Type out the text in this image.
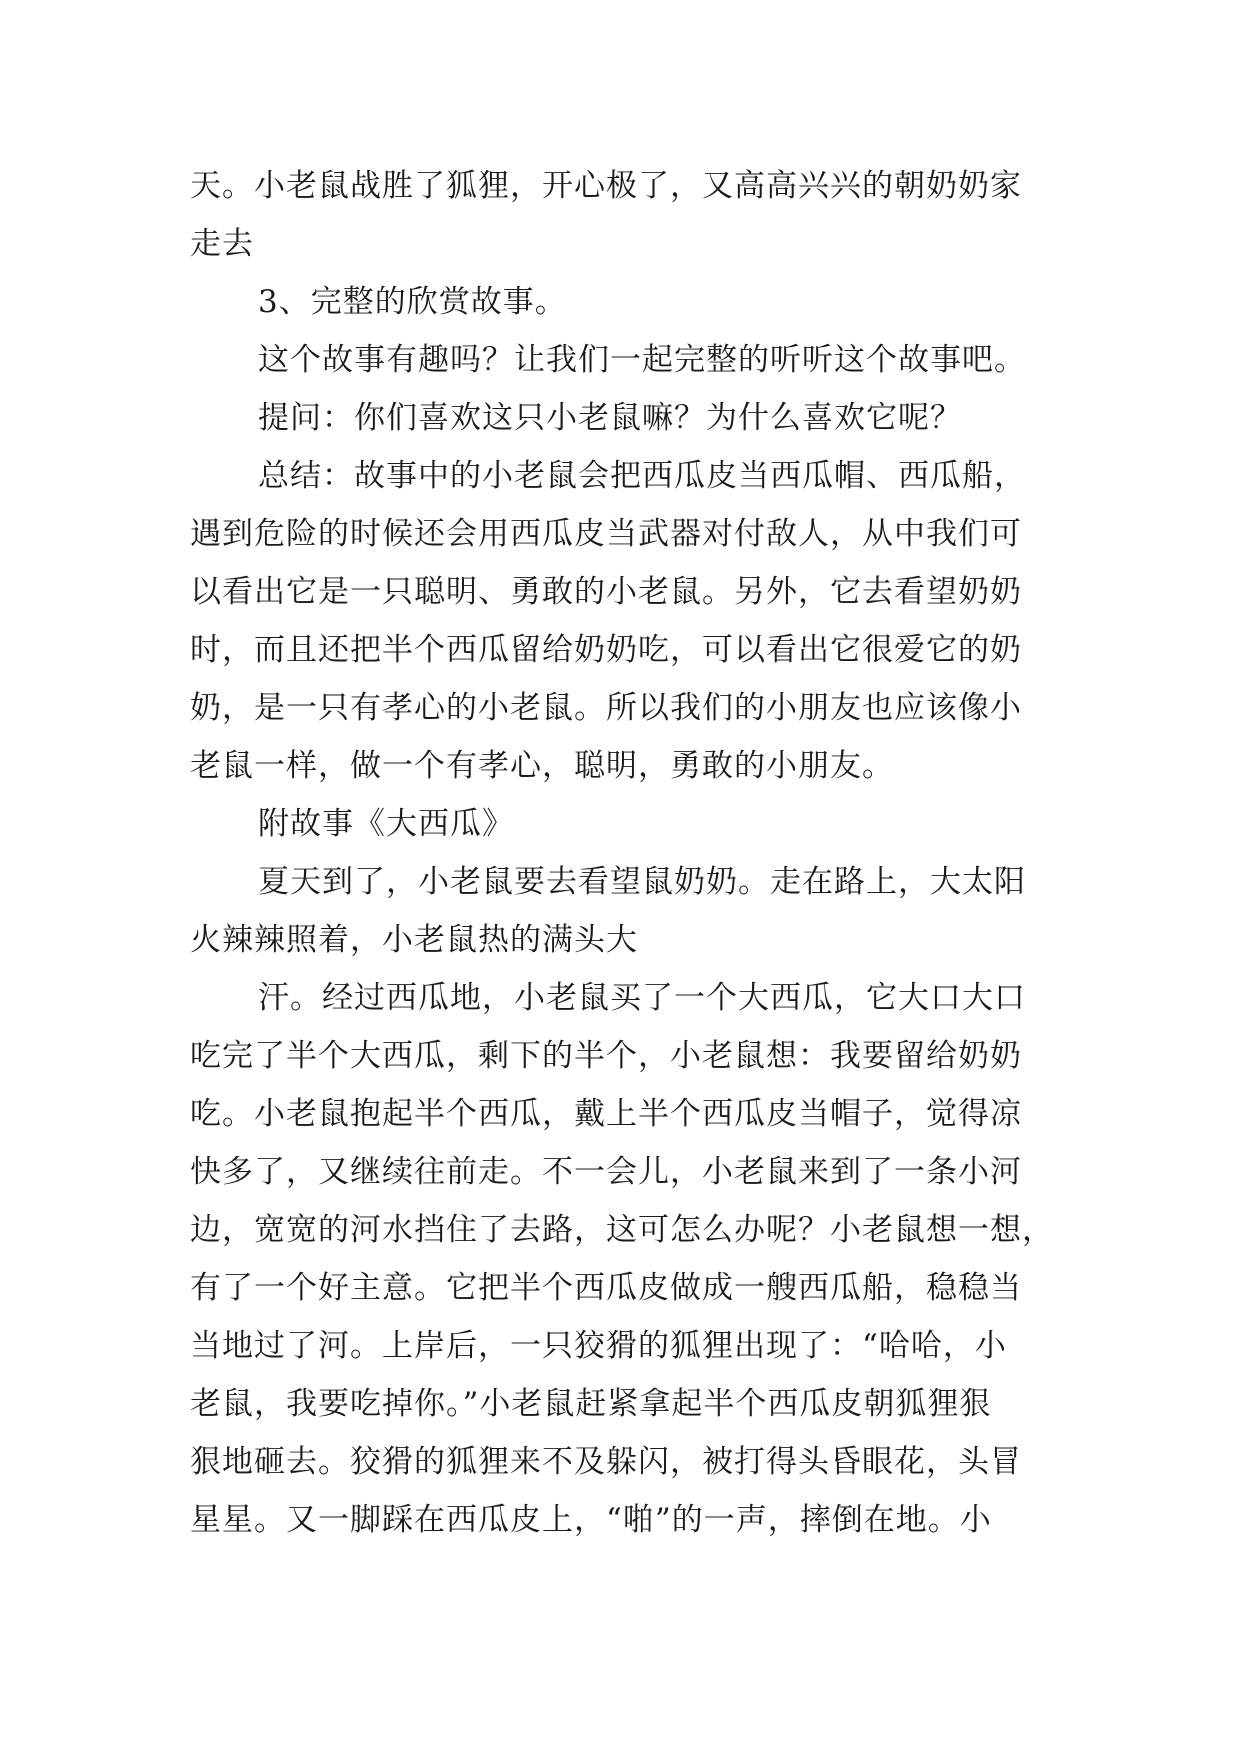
天。小老鼠战胜了狐狸，开心极了，又高高兴兴的朝奶奶家
走去
3、完整的欣赏故事。
这个故事有趣吗？让我们一起完整的听听这个故事吧。
提问：你们喜欢这只小老鼠嘛？为什么喜欢它呢？
总结：故事中的小老鼠会把西瓜皮当西瓜帽、西瓜船，
遇到危险的时候还会用西瓜皮当武器对付敌人，从中我们可
以看出它是一只聪明、勇敢的小老鼠。另外，它去看望奶奶
时，而且还把半个西瓜留给奶奶吃，可以看出它很爱它的奶
奶，是一只有孝心的小老鼠。所以我们的小朋友也应该像小
老鼠一样，做一个有孝心，聪明，勇敢的小朋友。
附故事《大西瓜》
夏天到了，小老鼠要去看望鼠奶奶。走在路上，大太阳
火辣辣照着，小老鼠热的满头大
汗。经过西瓜地，小老鼠买了一个大西瓜，它大口大口
吃完了半个大西瓜，剩下的半个，小老鼠想：我要留给奶奶
吃。小老鼠抱起半个西瓜，戴上半个西瓜皮当帽子，觉得凉
快多了，又继续往前走。不一会儿，小老鼠来到了一条小河
边，宽宽的河水挡住了去路，这可怎么办呢？小老鼠想一想，
有了一个好主意。它把半个西瓜皮做成一艘西瓜船，稳稳当
当地过了河。上岸后，一只狡猾的狐狸出现了：“哈哈，小
老鼠，我要吃掉你。”小老鼠赶紧拿起半个西瓜皮朝狐狸狠
狠地砸去。狡猾的狐狸来不及躲闪，被打得头昏眼花，头冒
星星。又一脚踩在西瓜皮上，“啪”的一声，摔倒在地。小
